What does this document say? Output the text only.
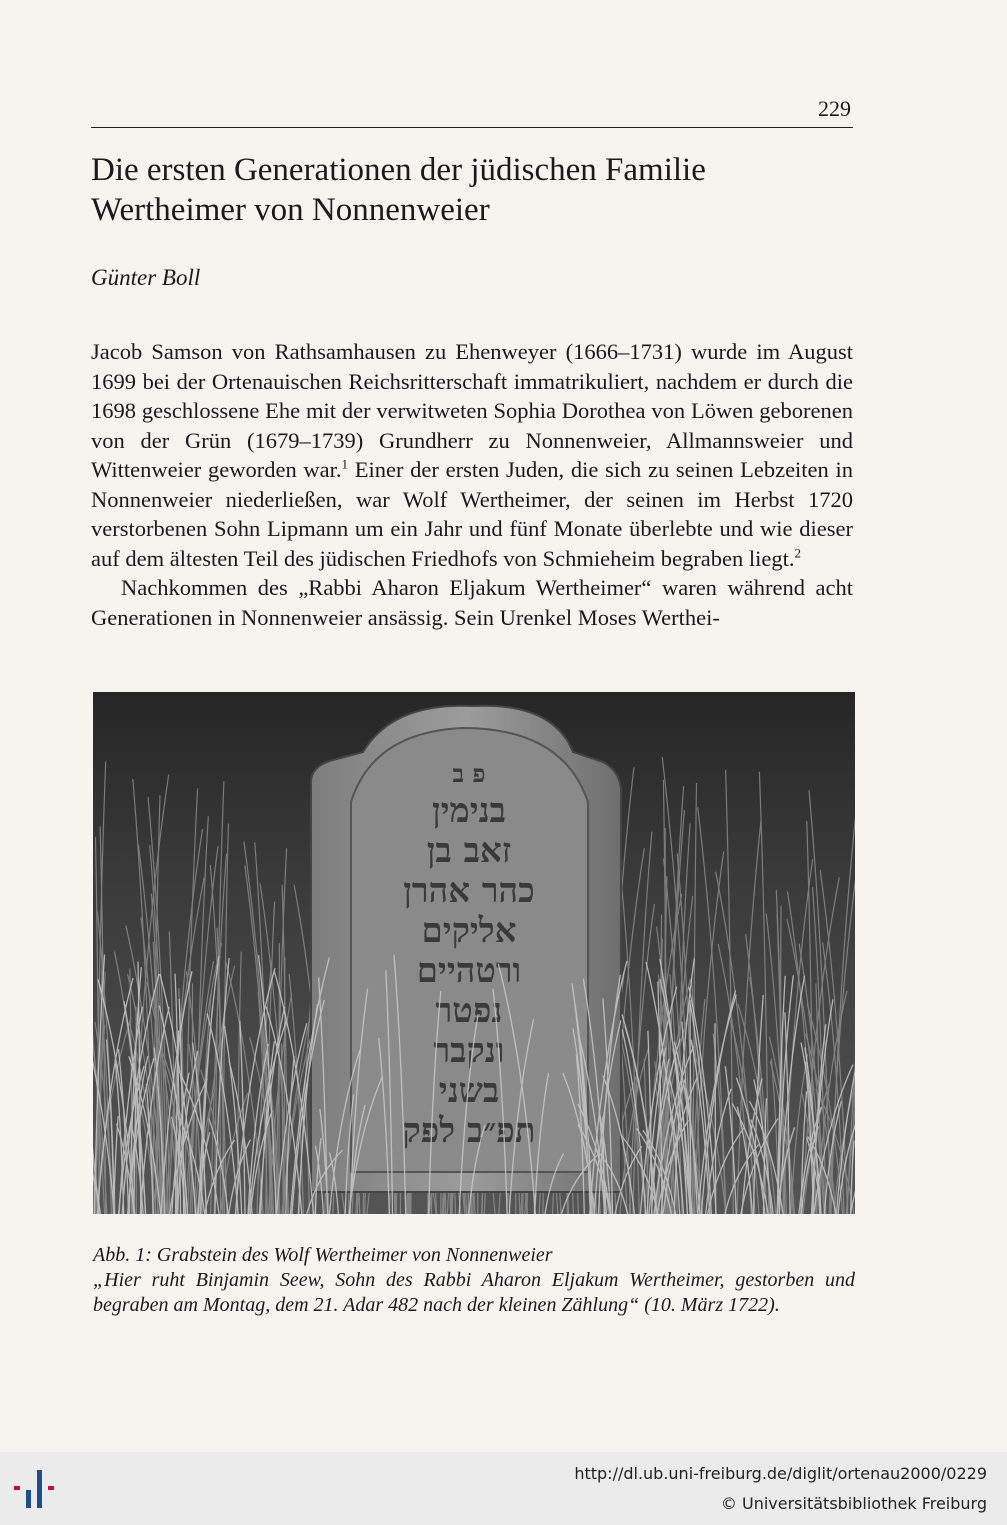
229
Die ersten Generationen der jüdischen Familie
Wertheimer von Nonnenweier
Günter Boll

Jacob Samson von Rathsamhausen zu Ehenweyer (1666–1731) wurde im August 1699 bei der Ortenauischen Reichsritterschaft immatrikuliert, nachdem er durch die 1698 geschlossene Ehe mit der verwitweten Sophia Dorothea von Löwen geborenen von der Grün (1679–1739) Grundherr zu Nonnenweier, Allmannsweier und Wittenweier geworden war.$^1$ Einer der ersten Juden, die sich zu seinen Lebzeiten in Nonnenweier niederließen, war Wolf Wertheimer, der seinen im Herbst 1720 verstorbenen Sohn Lipmann um ein Jahr und fünf Monate überlebte und wie dieser auf dem ältesten Teil des jüdischen Friedhofs von Schmieheim begraben liegt.$^2$

Nachkommen des „Rabbi Aharon Eljakum Wertheimer“ waren während acht Generationen in Nonnenweier ansässig. Sein Urenkel Moses Werthei-

פ ב
בנימין
זאב בן
כהר אהרן
אליקים
ורטהיים
נפטר
ונקבר
בשני
תפ״ב לפק
Abb. 1: Grabstein des Wolf Wertheimer von Nonnenweier
„Hier ruht Binjamin Seew, Sohn des Rabbi Aharon Eljakum Wertheimer, gestorben und begraben am Montag, dem 21. Adar 482 nach der kleinen Zählung“ (10. März 1722).
http://dl.ub.uni-freiburg.de/diglit/ortenau2000/0229
© Universitätsbibliothek Freiburg
